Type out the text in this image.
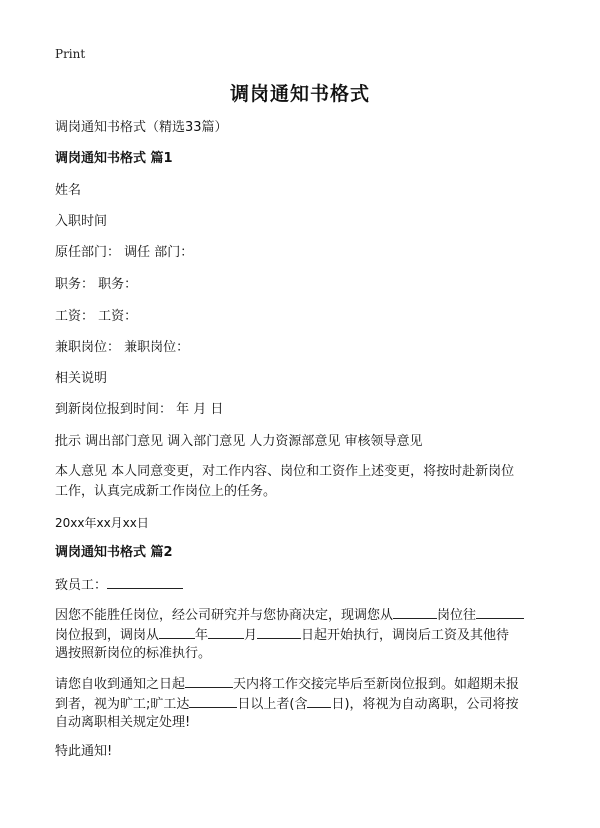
Print
调岗通知书格式
调岗通知书格式（精选33篇）
调岗通知书格式 篇1
姓名
入职时间
原任部门： 调任 部门：
职务： 职务：
工资： 工资：
兼职岗位： 兼职岗位：
相关说明
到新岗位报到时间： 年 月 日
批示 调出部门意见 调入部门意见 人力资源部意见 审核领导意见
本人意见 本人同意变更，对工作内容、岗位和工资作上述变更，将按时赴新岗位
工作，认真完成新工作岗位上的任务。
20xx年xx月xx日
调岗通知书格式 篇2
致员工：
因您不能胜任岗位，经公司研究并与您协商决定，现调您从	岗位往
岗位报到，调岗从	年	月	日起开始执行，调岗后工资及其他待
遇按照新岗位的标准执行。
请您自收到通知之日起	天内将工作交接完毕后至新岗位报到。如超期未报
到者，视为旷工;旷工达	日以上者(含 日)，将视为自动离职，公司将按
自动离职相关规定处理!
特此通知!
